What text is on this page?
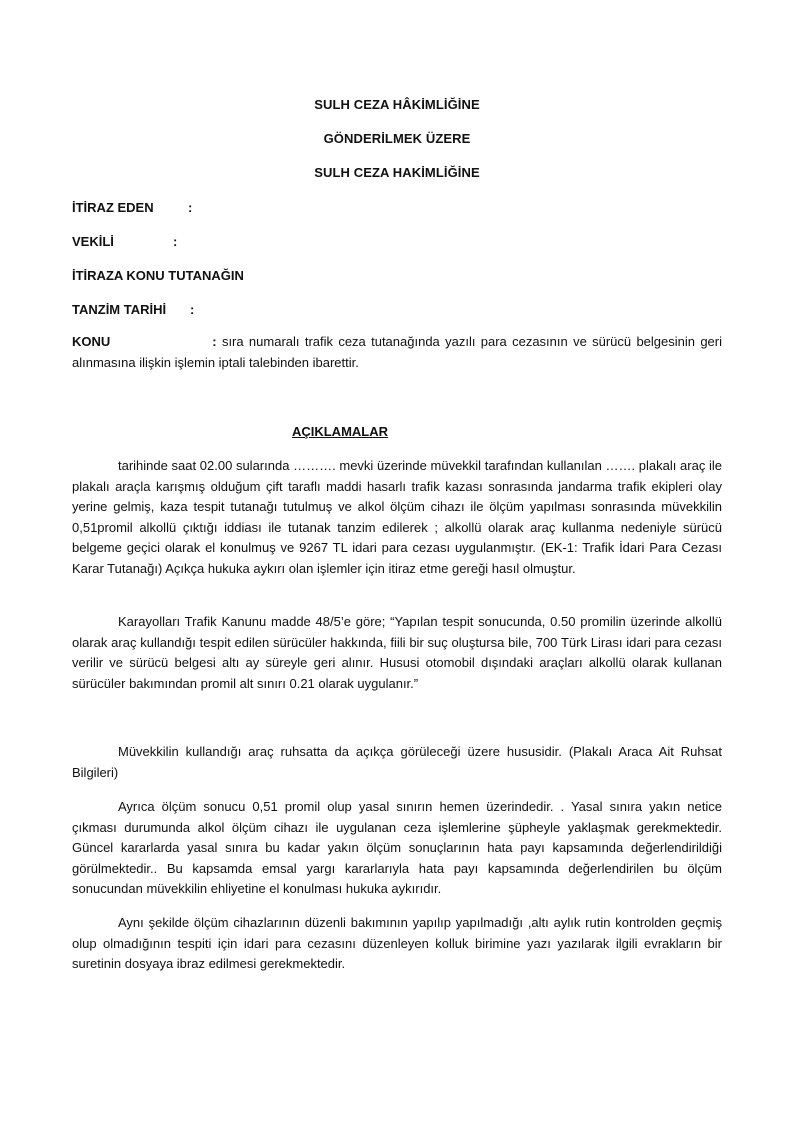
SULH CEZA HÂKİMLİĞİNE
GÖNDERİLMEK ÜZERE
SULH CEZA HAKİMLİĞİNE
İTİRAZ EDEN	:
VEKİLİ	:
İTİRAZA KONU TUTANAĞIN
TANZİM TARİHİ :
KONU	: sıra numaralı trafik ceza tutanağında yazılı para cezasının ve sürücü belgesinin geri alınmasına ilişkin işlemin iptali talebinden ibarettir.
AÇIKLAMALAR
tarihinde saat 02.00 sularında ………. mevki üzerinde müvekkil tarafından kullanılan ……. plakalı araç ile plakalı araçla karışmış olduğum çift taraflı maddi hasarlı trafik kazası sonrasında jandarma trafik ekipleri olay yerine gelmiş, kaza tespit tutanağı tutulmuş ve alkol ölçüm cihazı ile ölçüm yapılması sonrasında müvekkilin 0,51promil alkollü çıktığı iddiası ile tutanak tanzim edilerek ; alkollü olarak araç kullanma nedeniyle sürücü belgeme geçici olarak el konulmuş ve 9267 TL idari para cezası uygulanmıştır. (EK-1: Trafik İdari Para Cezası Karar Tutanağı) Açıkça hukuka aykırı olan işlemler için itiraz etme gereği hasıl olmuştur.
Karayolları Trafik Kanunu madde 48/5’e göre; “Yapılan tespit sonucunda, 0.50 promilin üzerinde alkollü olarak araç kullandığı tespit edilen sürücüler hakkında, fiili bir suç oluştursa bile, 700 Türk Lirası idari para cezası verilir ve sürücü belgesi altı ay süreyle geri alınır. Hususi otomobil dışındaki araçları alkollü olarak kullanan sürücüler bakımından promil alt sınırı 0.21 olarak uygulanır.”
Müvekkilin kullandığı araç ruhsatta da açıkça görüleceği üzere hususidir. (Plakalı Araca Ait Ruhsat Bilgileri)
Ayrıca ölçüm sonucu 0,51 promil olup yasal sınırın hemen üzerindedir. . Yasal sınıra yakın netice çıkması durumunda alkol ölçüm cihazı ile uygulanan ceza işlemlerine şüpheyle yaklaşmak gerekmektedir. Güncel kararlarda yasal sınıra bu kadar yakın ölçüm sonuçlarının hata payı kapsamında değerlendirildiği görülmektedir.. Bu kapsamda emsal yargı kararlarıyla hata payı kapsamında değerlendirilen bu ölçüm sonucundan müvekkilin ehliyetine el konulması hukuka aykırıdır.
Aynı şekilde ölçüm cihazlarının düzenli bakımının yapılıp yapılmadığı ,altı aylık rutin kontrolden geçmiş olup olmadığının tespiti için idari para cezasını düzenleyen kolluk birimine yazı yazılarak ilgili evrakların bir suretinin dosyaya ibraz edilmesi gerekmektedir.
